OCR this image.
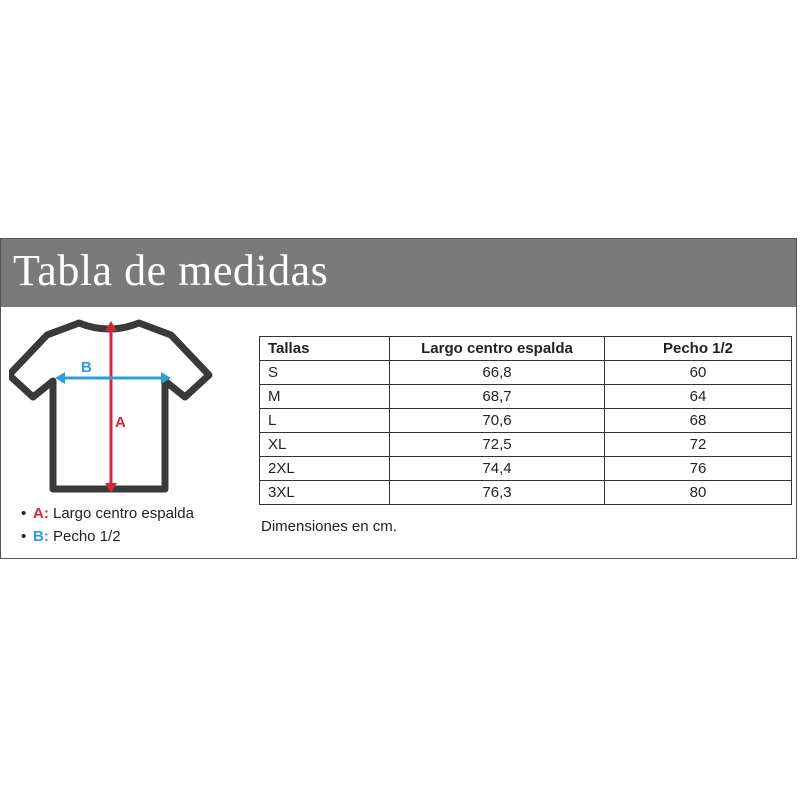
Tabla de medidas
A
B
• A: Largo centro espalda
• B: Pecho 1/2
Tallas	Largo centro espalda	Pecho 1/2
S	66,8	60
M	68,7	64
L	70,6	68
XL	72,5	72
2XL	74,4	76
3XL	76,3	80
Dimensiones en cm.
